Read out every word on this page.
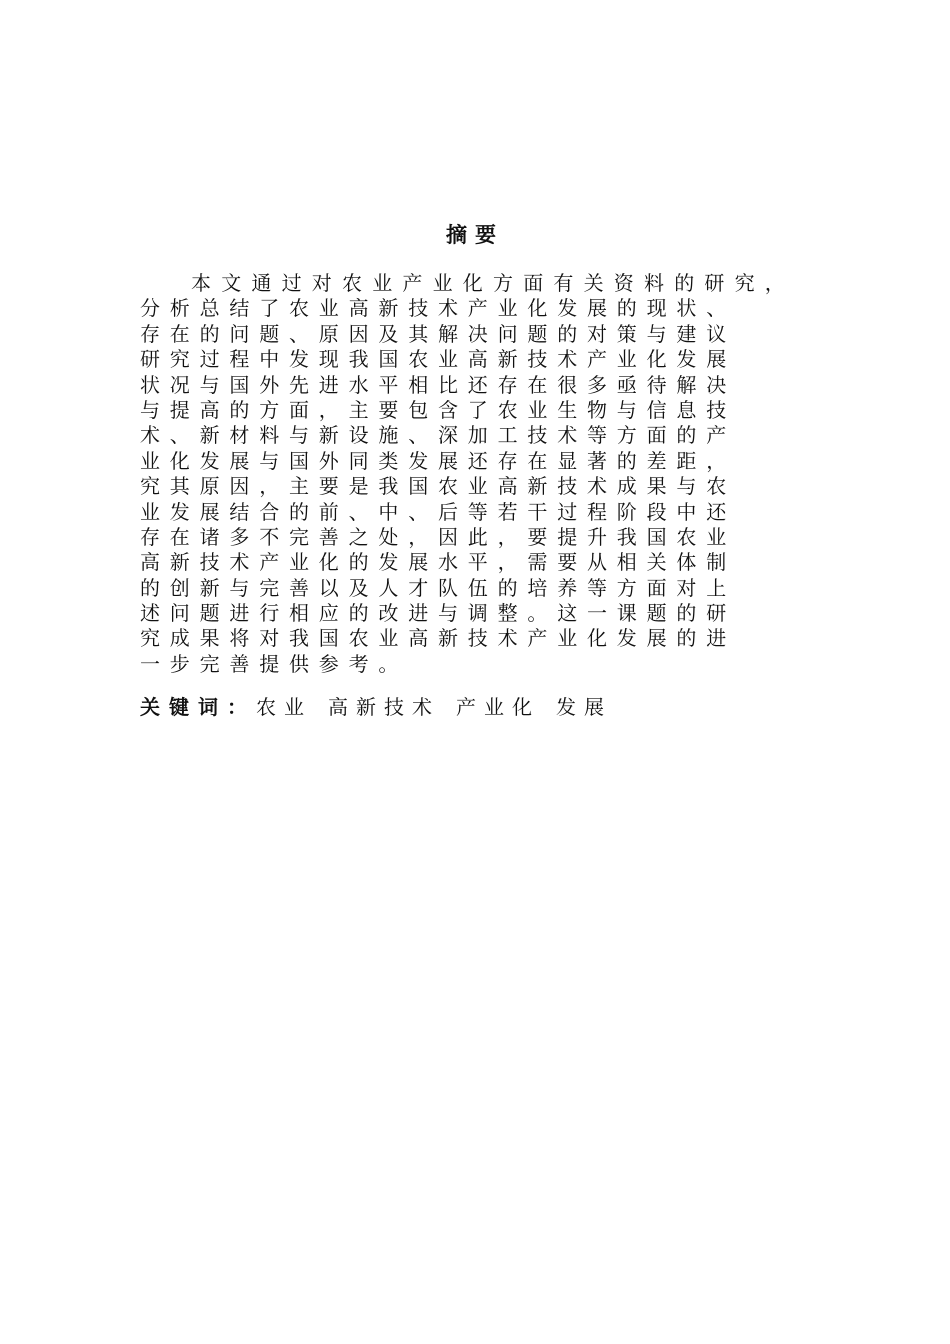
摘要
本文通过对农业产业化方面有关资料的研究，
分析总结了农业高新技术产业化发展的现状、
存在的问题、原因及其解决问题的对策与建议
研究过程中发现我国农业高新技术产业化发展
状况与国外先进水平相比还存在很多亟待解决
与提高的方面，主要包含了农业生物与信息技
术、新材料与新设施、深加工技术等方面的产
业化发展与国外同类发展还存在显著的差距，
究其原因，主要是我国农业高新技术成果与农
业发展结合的前、中、后等若干过程阶段中还
存在诸多不完善之处，因此，要提升我国农业
高新技术产业化的发展水平，需要从相关体制
的创新与完善以及人才队伍的培养等方面对上
述问题进行相应的改进与调整。这一课题的研
究成果将对我国农业高新技术产业化发展的进
一步完善提供参考。
关键词：农业 高新技术 产业化 发展
